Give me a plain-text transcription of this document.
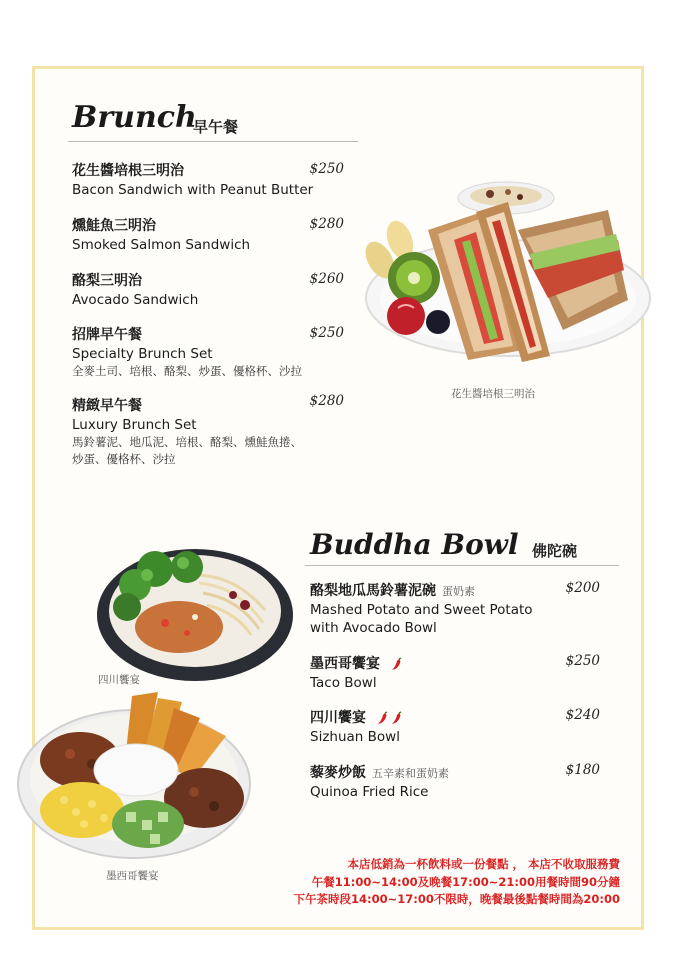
Brunch
早午餐
花生醬培根三明治
Bacon Sandwich with Peanut Butter
$250
燻鮭魚三明治
Smoked Salmon Sandwich
$280
酪梨三明治
Avocado Sandwich
$260
招牌早午餐
Specialty Brunch Set
全麥土司、培根、酪梨、炒蛋、優格杯、沙拉
$250
精緻早午餐
Luxury Brunch Set
馬鈴薯泥、地瓜泥、培根、酪梨、燻鮭魚捲、
炒蛋、優格杯、沙拉
$280	花生醬培根三明治
Buddha Bowl 佛陀碗
酪梨地瓜馬鈴薯泥碗 蛋奶素
Mashed Potato and Sweet Potato
with Avocado Bowl
$200
墨西哥饗宴
Taco Bowl
$250
四川饗宴
Sizhuan Bowl
$240
藜麥炒飯 五辛素和蛋奶素
Quinoa Fried Rice
$180
四川饗宴
墨西哥饗宴
本店低銷為一杯飲料或一份餐點 ， 本店不收取服務費
午餐11:00~14:00及晚餐17:00~21:00用餐時間90分鐘
下午茶時段14:00~17:00不限時，晚餐最後點餐時間為20:00
